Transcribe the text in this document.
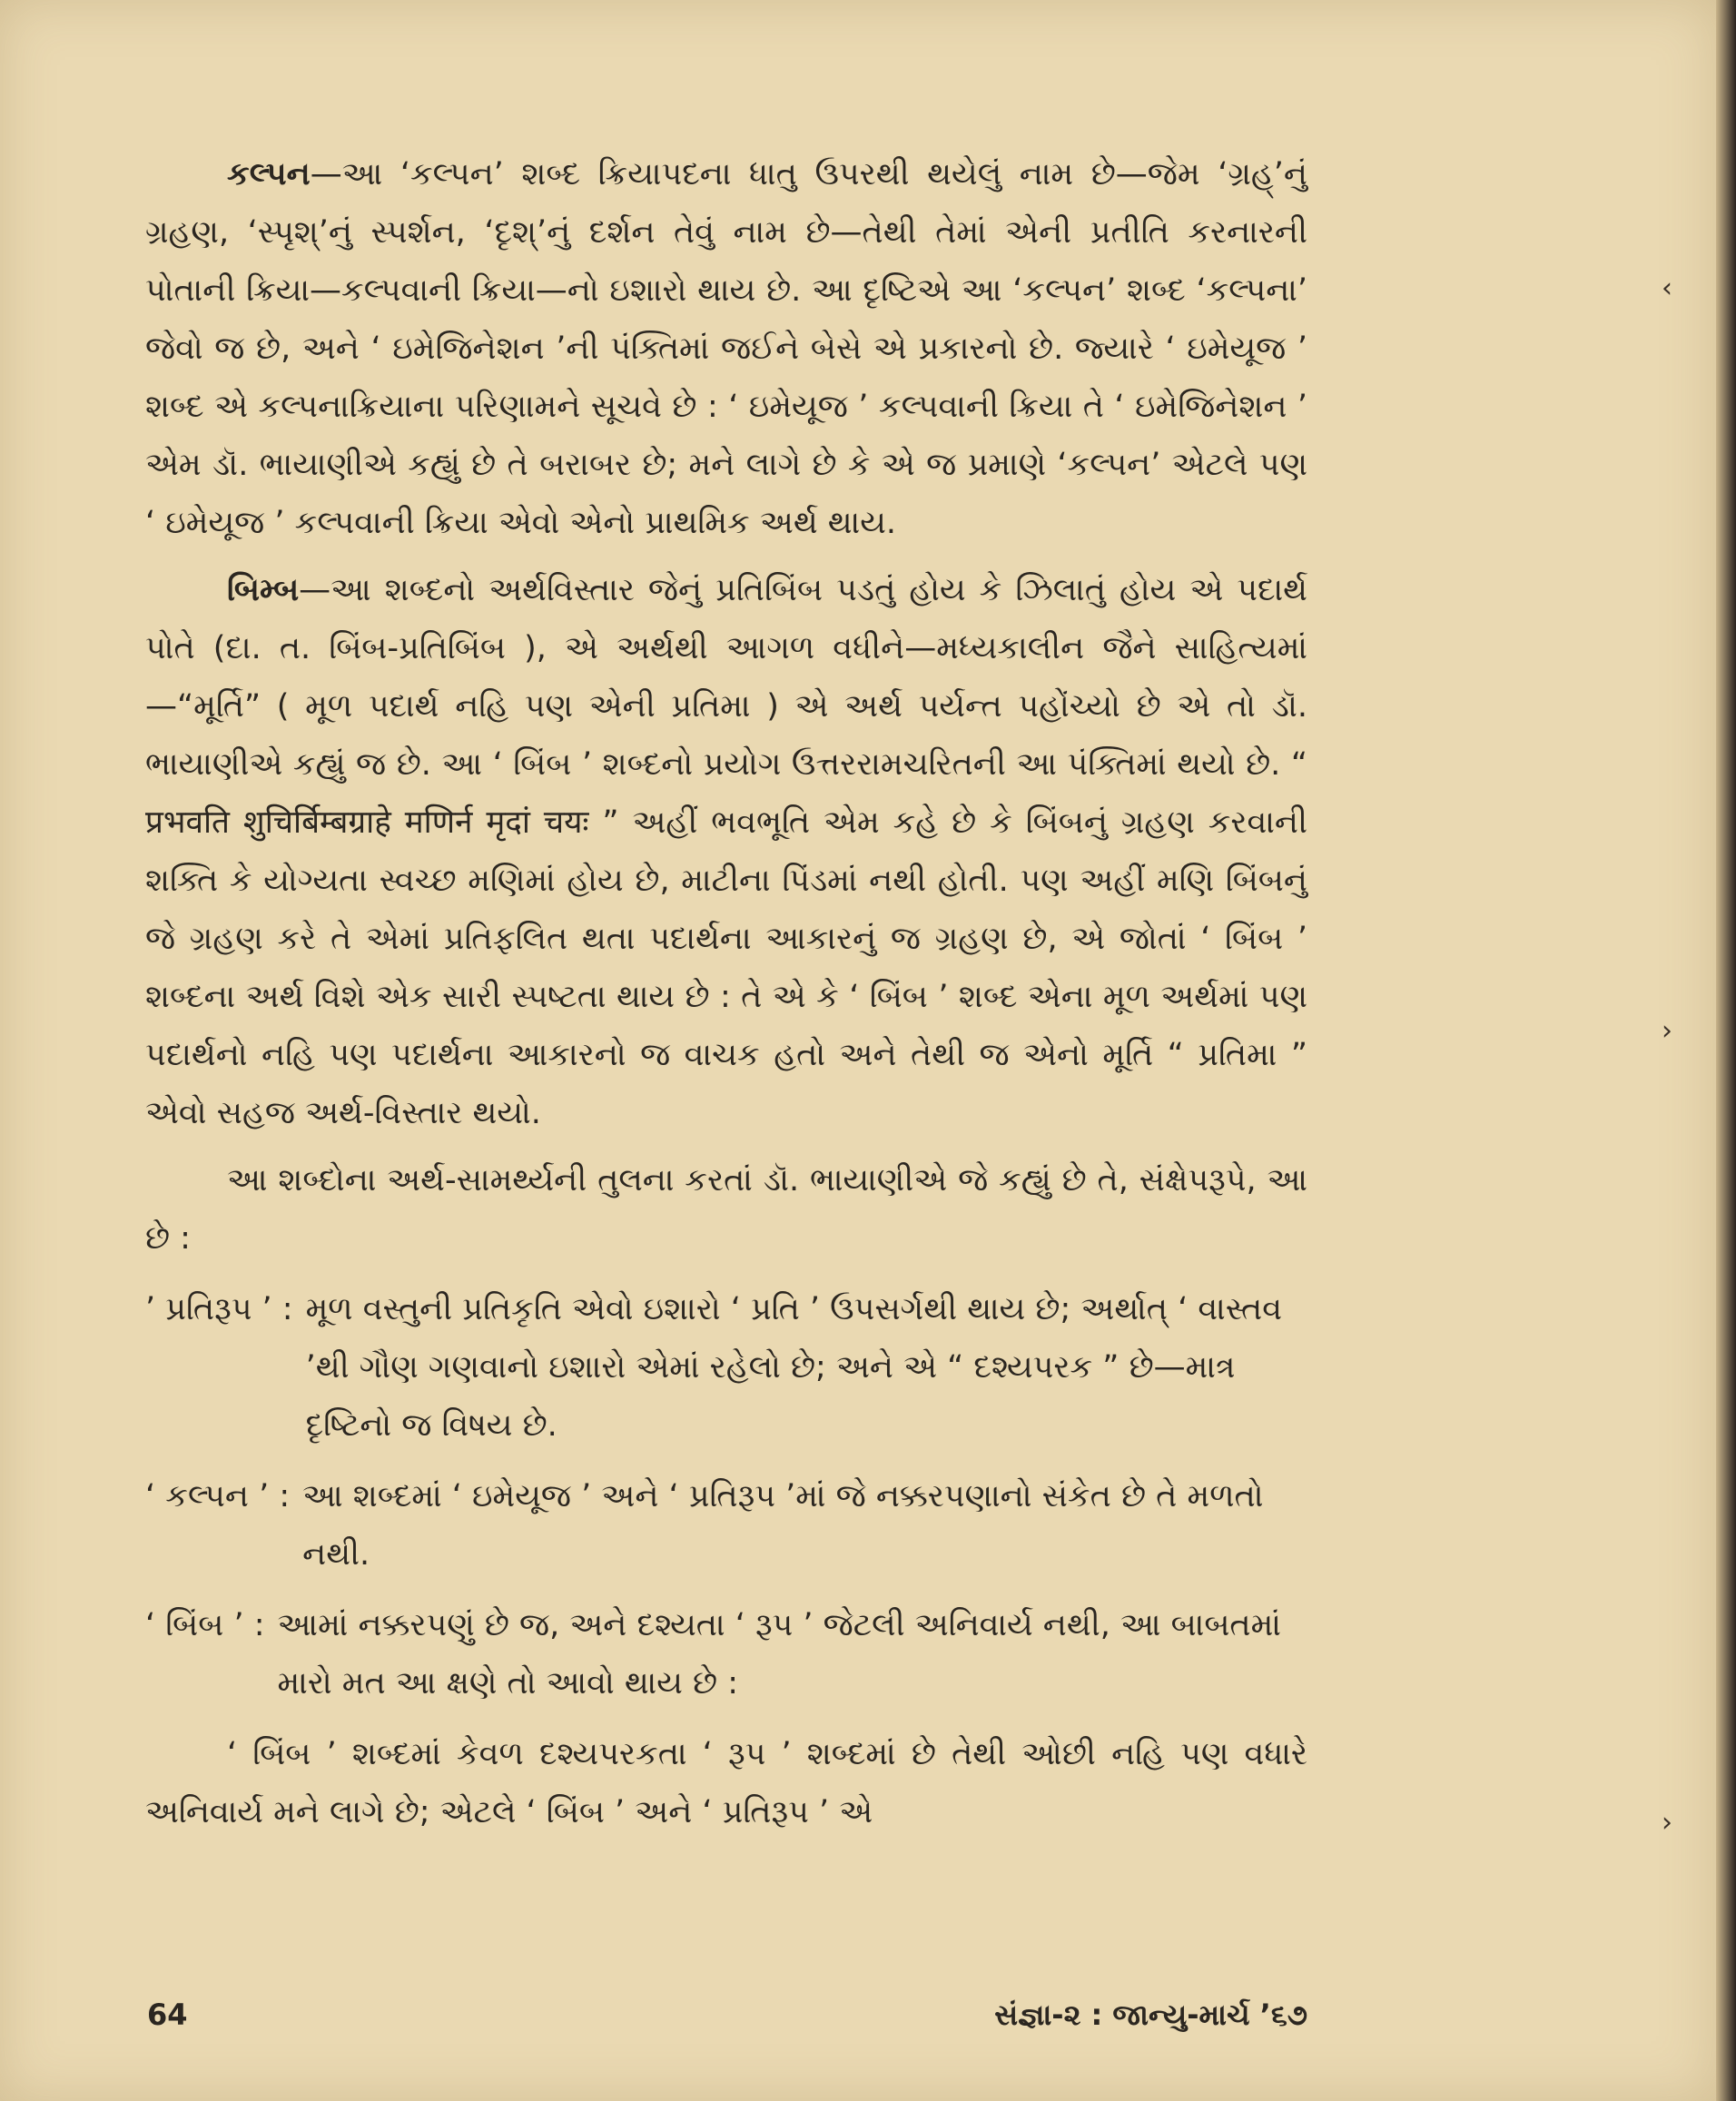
કલ્પન—આ ‘કલ્પન’ શબ્દ ક્રિયાપદના ધાતુ ઉપરથી થયેલું નામ છે—જેમ ‘ગ્રહ્’નું ગ્રહણ, ‘સ્પૃશ્’નું સ્પર્શન, ‘દૃશ્’નું દર્શન તેવું નામ છે—તેથી તેમાં એની પ્રતીતિ કરનારની પોતાની ક્રિયા—કલ્પવાની ક્રિયા—નો ઇશારો થાય છે. આ દૃષ્ટિએ આ ‘કલ્પન’ શબ્દ ‘કલ્પના’ જેવો જ છે, અને ‘ ઇમેજિનેશન ’ની પંક્તિમાં જઈને બેસે એ પ્રકારનો છે. જ્યારે ‘ ઇમેયૂજ ’ શબ્દ એ કલ્પનાક્રિયાના પરિણામને સૂચવે છે : ‘ ઇમેયૂજ ’ કલ્પવાની ક્રિયા તે ‘ ઇમેજિનેશન ’ એમ ડૉ. ભાયાણીએ કહ્યું છે તે બરાબર છે; મને લાગે છે કે એ જ પ્રમાણે ‘કલ્પન’ એટલે પણ ‘ ઇમેયૂજ ’ કલ્પવાની ક્રિયા એવો એનો પ્રાથમિક અર્થ થાય.

બિમ્બ—આ શબ્દનો અર્થવિસ્તાર જેનું પ્રતિબિંબ પડતું હોય કે ઝિલાતું હોય એ પદાર્થ પોતે (દા. ત. બિંબ-પ્રતિબિંબ ), એ અર્થથી આગળ વધીને—મધ્યકાલીન જૈને સાહિત્યમાં—“મૂર્તિ” ( મૂળ પદાર્થ નહિ પણ એની પ્રતિમા ) એ અર્થ પર્યન્ત પહોંચ્યો છે એ તો ડૉ. ભાયાણીએ કહ્યું જ છે. આ ‘ બિંબ ’ શબ્દનો પ્રયોગ ઉત્તરરામચરિતની આ પંક્તિમાં થયો છે. “ प्रभवति शुचिर्बिम्बग्राहे मणिर्न मृदां चयः ” અહીં ભવભૂતિ એમ કહે છે કે બિંબનું ગ્રહણ કરવાની શક્તિ કે યોગ્યતા સ્વચ્છ મણિમાં હોય છે, માટીના પિંડમાં નથી હોતી. પણ અહીં મણિ બિંબનું જે ગ્રહણ કરે તે એમાં પ્રતિફલિત થતા પદાર્થના આકારનું જ ગ્રહણ છે, એ જોતાં ‘ બિંબ ’ શબ્દના અર્થ વિશે એક સારી સ્પષ્ટતા થાય છે : તે એ કે ‘ બિંબ ’ શબ્દ એના મૂળ અર્થમાં પણ પદાર્થનો નહિ પણ પદાર્થના આકારનો જ વાચક હતો અને તેથી જ એનો મૂર્તિ “ પ્રતિમા ” એવો સહજ અર્થ-વિસ્તાર થયો.

આ શબ્દોના અર્થ-સામર્થ્યની તુલના કરતાં ડૉ. ભાયાણીએ જે કહ્યું છે તે, સંક્ષેપરૂપે, આ છે :

’ પ્રતિરૂપ ’ : મૂળ વસ્તુની પ્રતિકૃતિ એવો ઇશારો ‘ પ્રતિ ’ ઉપસર્ગથી થાય છે; અર્થાત્ ‘ વાસ્તવ ’થી ગૌણ ગણવાનો ઇશારો એમાં રહેલો છે; અને એ “ દશ્યપરક ” છે—માત્ર દૃષ્ટિનો જ વિષય છે.
‘ કલ્પન ’ : આ શબ્દમાં ‘ ઇમેયૂજ ’ અને ‘ પ્રતિરૂપ ’માં જે નક્કરપણાનો સંકેત છે તે મળતો નથી.
‘ બિંબ ’ : આમાં નક્કરપણું છે જ, અને દશ્યતા ‘ રૂપ ’ જેટલી અનિવાર્ય નથી, આ બાબતમાં મારો મત આ ક્ષણે તો આવો થાય છે :

‘ બિંબ ’ શબ્દમાં કેવળ દશ્યપરકતા ‘ રૂપ ’ શબ્દમાં છે તેથી ઓછી નહિ પણ વધારે અનિવાર્ય મને લાગે છે; એટલે ‘ બિંબ ’ અને ‘ પ્રતિરૂપ ’ એ

64	સંજ્ઞા-૨ : જાન્યુ-માર્ચ ’૬૭
‹
›
›
